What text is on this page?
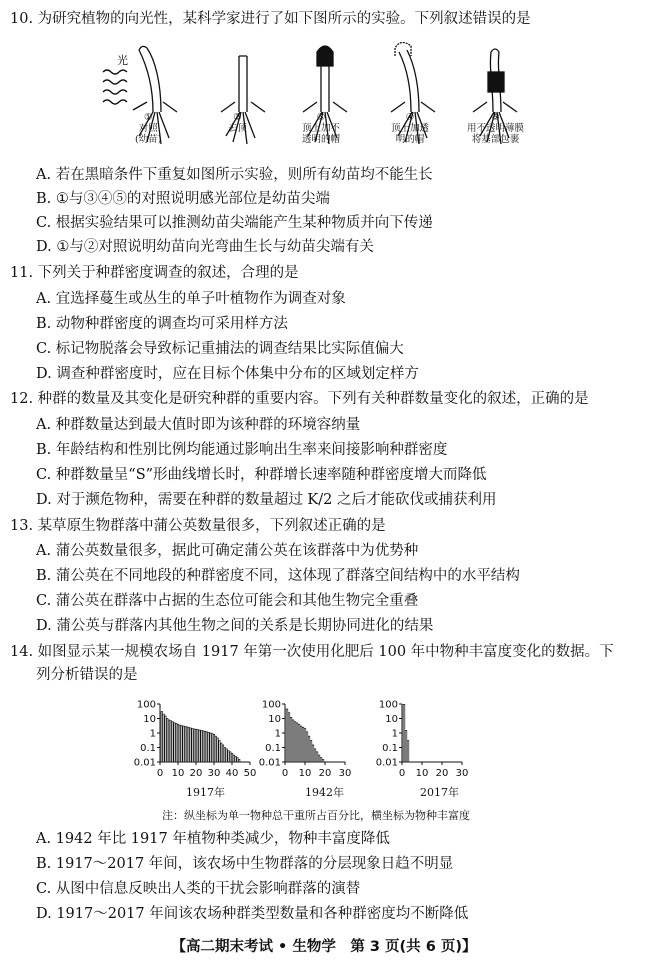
10. 为研究植物的向光性，某科学家进行了如下图所示的实验。下列叙述错误的是
光
①
对照
(幼苗)
②
去顶
③
顶上加不
透明的帽
④
顶上加透
明的帽
⑤
用不透明薄膜
将基部包裹
A. 若在黑暗条件下重复如图所示实验，则所有幼苗均不能生长
B. ①与③④⑤的对照说明感光部位是幼苗尖端
C. 根据实验结果可以推测幼苗尖端能产生某种物质并向下传递
D. ①与②对照说明幼苗向光弯曲生长与幼苗尖端有关
11. 下列关于种群密度调查的叙述，合理的是
A. 宜选择蔓生或丛生的单子叶植物作为调查对象
B. 动物种群密度的调查均可采用样方法
C. 标记物脱落会导致标记重捕法的调查结果比实际值偏大
D. 调查种群密度时，应在目标个体集中分布的区域划定样方
12. 种群的数量及其变化是研究种群的重要内容。下列有关种群数量变化的叙述，正确的是
A. 种群数量达到最大值时即为该种群的环境容纳量
B. 年龄结构和性别比例均能通过影响出生率来间接影响种群密度
C. 种群数量呈“S”形曲线增长时，种群增长速率随种群密度增大而降低
D. 对于濒危物种，需要在种群的数量超过 K/2 之后才能砍伐或捕获利用
13. 某草原生物群落中蒲公英数量很多，下列叙述正确的是
A. 蒲公英数量很多，据此可确定蒲公英在该群落中为优势种
B. 蒲公英在不同地段的种群密度不同，这体现了群落空间结构中的水平结构
C. 蒲公英在群落中占据的生态位可能会和其他生物完全重叠
D. 蒲公英与群落内其他生物之间的关系是长期协同进化的结果
14. 如图显示某一规模农场自 1917 年第一次使用化肥后 100 年中物种丰富度变化的数据。下
列分析错误的是
100
10
1
0.1
0.01
0 10 20 30 40 50
100
10
1
0.1
0.01
0 10 20 30
100
10
1
0.1
0.01
0 10 20 30
1917年	1942年	2017年
注：纵坐标为单一物种总干重所占百分比，横坐标为物种丰富度
A. 1942 年比 1917 年植物种类减少，物种丰富度降低
B. 1917～2017 年间，该农场中生物群落的分层现象日趋不明显
C. 从图中信息反映出人类的干扰会影响群落的演替
D. 1917～2017 年间该农场种群类型数量和各种群密度均不断降低
【高二期末考试 • 生物学　第 3 页(共 6 页)】
